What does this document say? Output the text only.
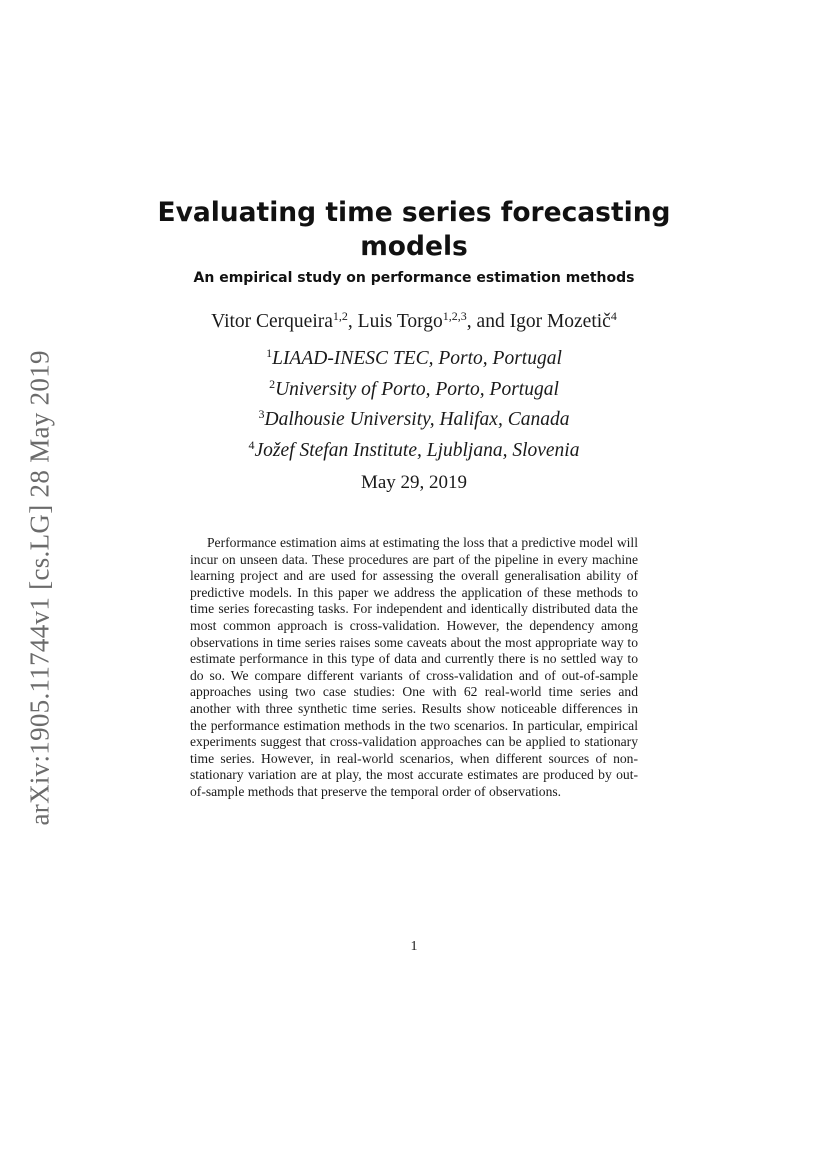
arXiv:1905.11744v1 [cs.LG] 28 May 2019
Evaluating time series forecasting models
An empirical study on performance estimation methods
Vitor Cerqueira$^{1,2}$, Luis Torgo$^{1,2,3}$, and Igor Mozetič$^4$
$^1$LIAAD-INESC TEC, Porto, Portugal
$^2$University of Porto, Porto, Portugal
$^3$Dalhousie University, Halifax, Canada
$^4$Jožef Stefan Institute, Ljubljana, Slovenia
May 29, 2019

Performance estimation aims at estimating the loss that a predictive model will incur on unseen data. These procedures are part of the pipeline in every machine learning project and are used for assessing the overall generalisation ability of predictive models. In this paper we address the application of these methods to time series forecasting tasks. For independent and identically distributed data the most common approach is cross-validation. However, the dependency among observations in time series raises some caveats about the most appropriate way to estimate performance in this type of data and currently there is no settled way to do so. We compare different variants of cross-validation and of out-of-sample approaches using two case studies: One with 62 real-world time series and another with three synthetic time series. Results show noticeable differences in the performance estimation methods in the two scenarios. In particular, empirical experiments suggest that cross-validation approaches can be applied to stationary time series. However, in real-world scenarios, when different sources of non-stationary variation are at play, the most accurate estimates are produced by out-of-sample methods that preserve the temporal order of observations.

1
